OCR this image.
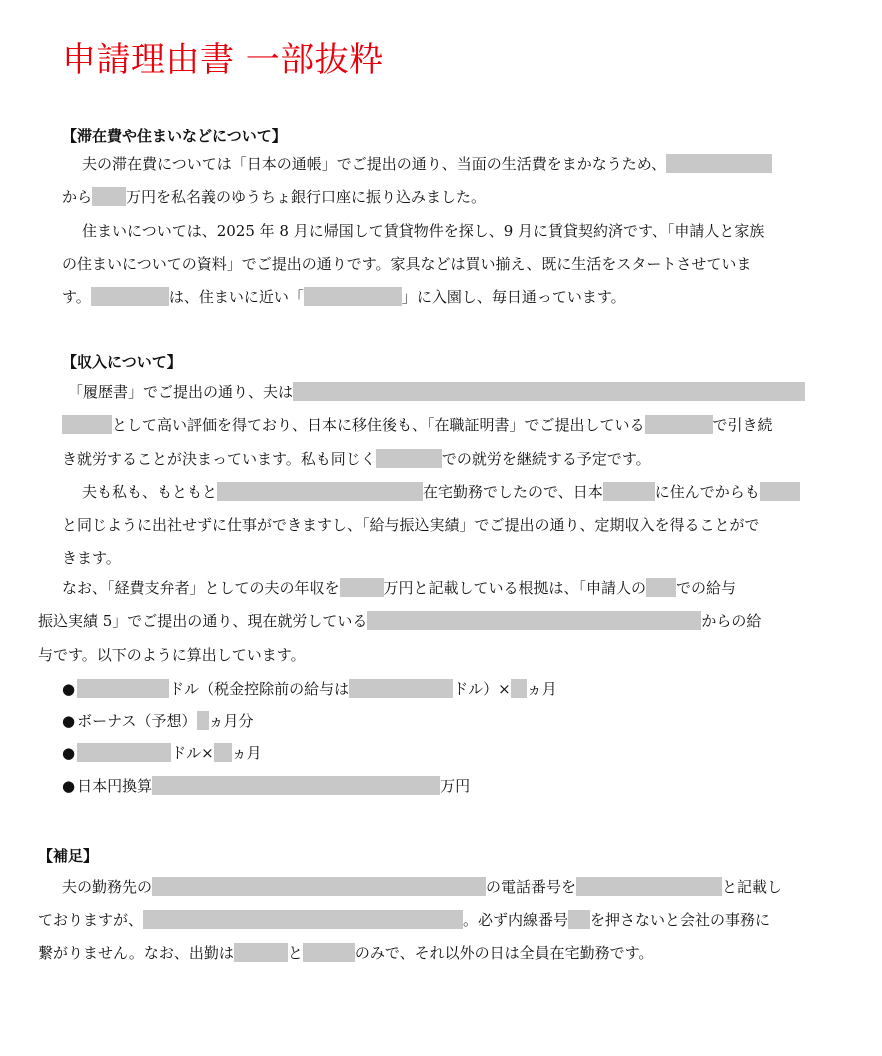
申請理由書 一部抜粋
【滞在費や住まいなどについて】
夫の滞在費については「日本の通帳」でご提出の通り、当面の生活費をまかなうため、
から 万円を私名義のゆうちょ銀行口座に振り込みました。
住まいについては、2025 年 8 月に帰国して賃貸物件を探し、9 月に賃貸契約済です、「申請人と家族
の住まいについての資料」でご提出の通りです。家具などは買い揃え、既に生活をスタートさせていま
す。	は、住まいに近い「	」に入園し、毎日通っています。
【収入について】
「履歴書」でご提出の通り、夫は
として高い評価を得ており、日本に移住後も、「在職証明書」でご提出している	で引き続
き就労することが決まっています。私も同じく	での就労を継続する予定です。
夫も私も、もともと	在宅勤務でしたので、日本	に住んでからも
と同じように出社せずに仕事ができますし、「給与振込実績」でご提出の通り、定期収入を得ることがで
きます。
なお、「経費支弁者」としての夫の年収を	万円と記載している根拠は、「申請人の での給与
振込実績 5」でご提出の通り、現在就労している	からの給
与です。以下のように算出しています。
●	ドル（税金控除前の給与は	ドル）× ヵ月
● ボーナス（予想） ヵ月分
●	ドル× ヵ月
● 日本円換算	万円
【補足】
夫の勤務先の	の電話番号を	と記載し
ておりますが、	。必ず内線番号 を押さないと会社の事務に
繋がりません。なお、出勤は	と	のみで、それ以外の日は全員在宅勤務です。
